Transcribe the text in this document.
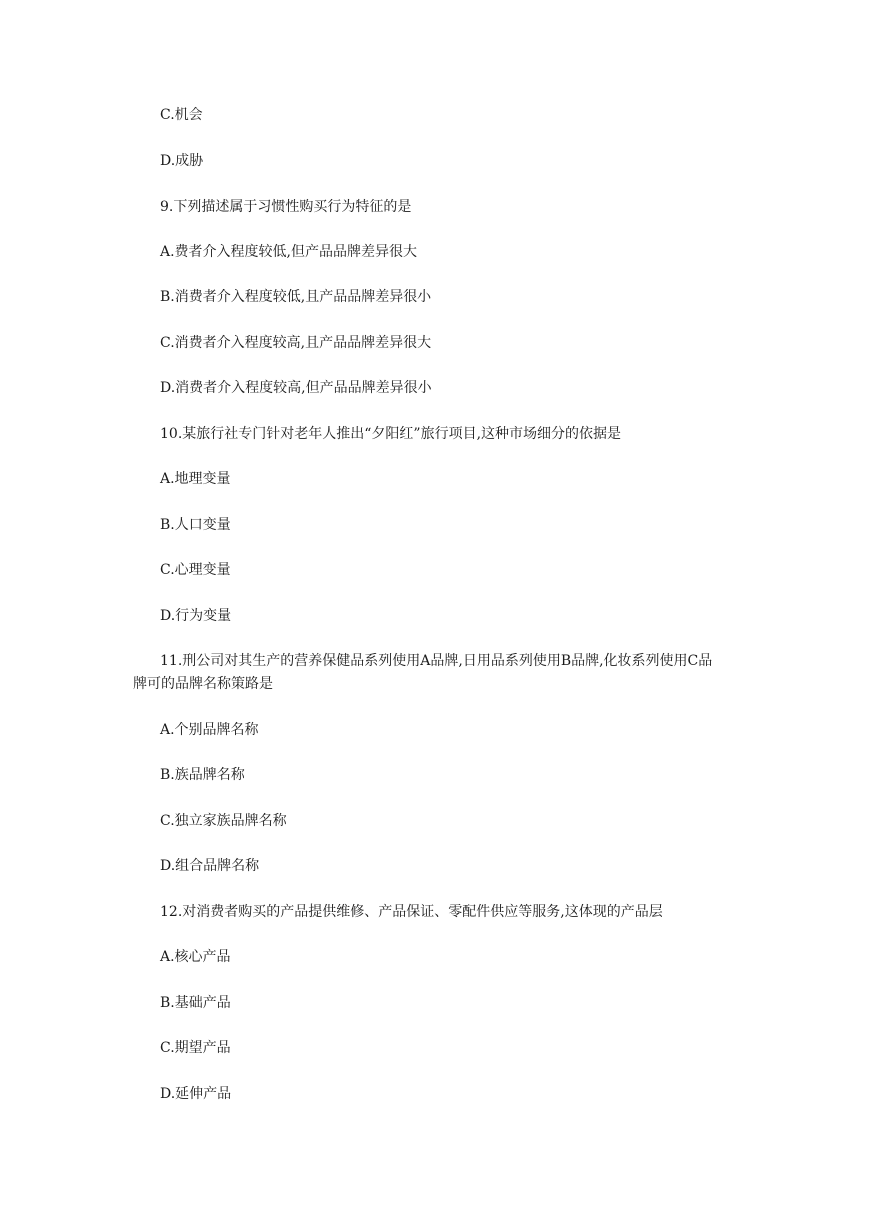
C.机会
D.成胁
9.下列描述属于习惯性购买行为特征的是
A.费者介入程度较低,但产品品牌差异很大
B.消费者介入程度较低,且产品品牌差异很小
C.消费者介入程度较高,且产品品牌差异很大
D.消费者介入程度较高,但产品品牌差异很小
10.某旅行社专门针对老年人推出“夕阳红”旅行项目,这种市场细分的依据是
A.地理变量
B.人口变量
C.心理变量
D.行为变量
11.刑公司对其生产的营养保健品系列使用A品牌,日用品系列使用B品牌,化妆系列使用C品牌可的品牌名称策路是
A.个别品牌名称
B.族品牌名称
C.独立家族品牌名称
D.组合品牌名称
12.对消费者购买的产品提供维修、产品保证、零配件供应等服务,这体现的产品层
A.核心产品
B.基础产品
C.期望产品
D.延伸产品
